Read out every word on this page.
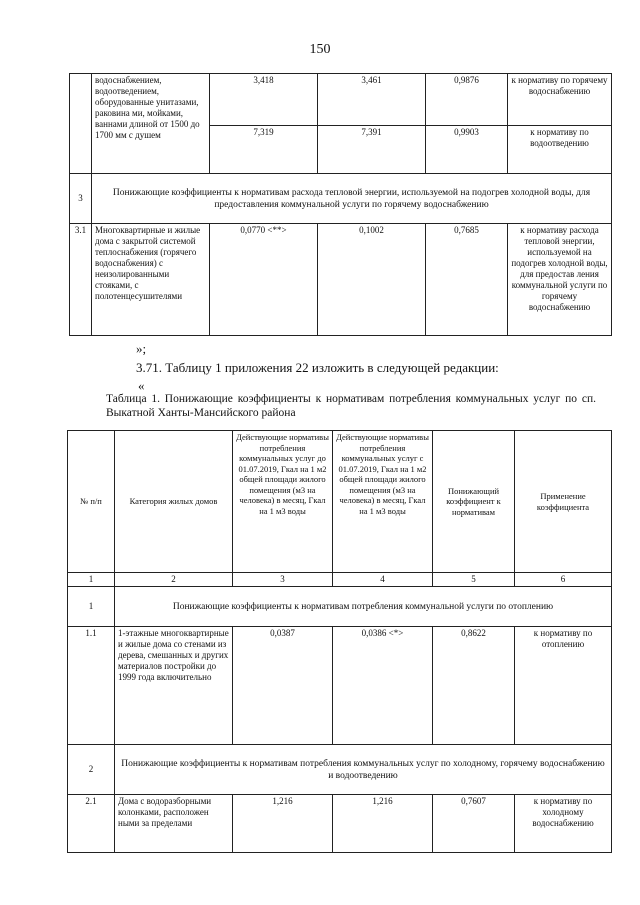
150
	водоснабжением, водоотведением, оборудованные унитазами, раковина ми, мойками, ваннами длиной от 1500 до 1700 мм с душем	3,418	3,461	0,9876	к нормативу по горячему водоснабжению
		7,319	7,391	0,9903	к нормативу по водоотведению
3	Понижающие коэффициенты к нормативам расхода тепловой энергии, используемой на подогрев холодной воды, для предоставления коммунальной услуги по горячему водоснабжению				
3.1	Многоквартирные и жилые дома с закрытой системой теплоснабжения (горячего водоснабжения) с неизолированными стояками, с полотенцесушителями	0,0770 <**>	0,1002	0,7685	к нормативу расхода тепловой энергии, используемой на подогрев холодной воды, для предостав ления коммунальной услуги по горячему водоснабжению
»;
3.71. Таблицу 1 приложения 22 изложить в следующей редакции:
«
Таблица 1. Понижающие коэффициенты к нормативам потребления коммунальных услуг по сп. Выкатной Ханты-Мансийского района
№ п/п	Категория жилых домов	Действующие нормативы потребления коммунальных услуг до 01.07.2019, Гкал на 1 м2 общей площади жилого помещения (м3 на человека) в месяц, Гкал на 1 м3 воды	Действующие нормативы потребления коммунальных услуг с 01.07.2019, Гкал на 1 м2 общей площади жилого помещения (м3 на человека) в месяц, Гкал на 1 м3 воды	Понижающий коэффициент к нормативам	Применение коэффициента
1	2	3	4	5	6
1	Понижающие коэффициенты к нормативам потребления коммунальной услуги по отоплению				
1.1	1-этажные многоквартирные и жилые дома со стенами из дерева, смешанных и других материалов постройки до 1999 года включительно	0,0387	0,0386 <*>	0,8622	к нормативу по отоплению
2	Понижающие коэффициенты к нормативам потребления коммунальных услуг по холодному, горячему водоснабжению и водоотведению				
2.1	Дома с водоразборными колонками, расположен ными за пределами	1,216	1,216	0,7607	к нормативу по холодному водоснабжению
